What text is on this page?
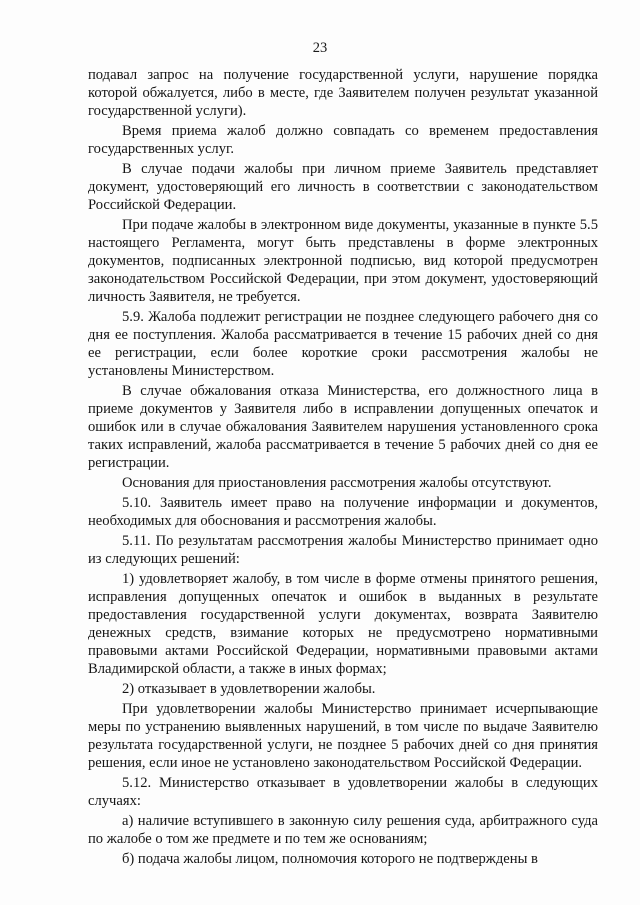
23

подавал запрос на получение государственной услуги, нарушение порядка которой обжалуется, либо в месте, где Заявителем получен результат указанной государственной услуги).

Время приема жалоб должно совпадать со временем предоставления государственных услуг.

В случае подачи жалобы при личном приеме Заявитель представляет документ, удостоверяющий его личность в соответствии с законодательством Российской Федерации.

При подаче жалобы в электронном виде документы, указанные в пункте 5.5 настоящего Регламента, могут быть представлены в форме электронных документов, подписанных электронной подписью, вид которой предусмотрен законодательством Российской Федерации, при этом документ, удостоверяющий личность Заявителя, не требуется.

5.9. Жалоба подлежит регистрации не позднее следующего рабочего дня со дня ее поступления. Жалоба рассматривается в течение 15 рабочих дней со дня ее регистрации, если более короткие сроки рассмотрения жалобы не установлены Министерством.

В случае обжалования отказа Министерства, его должностного лица в приеме документов у Заявителя либо в исправлении допущенных опечаток и ошибок или в случае обжалования Заявителем нарушения установленного срока таких исправлений, жалоба рассматривается в течение 5 рабочих дней со дня ее регистрации.

Основания для приостановления рассмотрения жалобы отсутствуют.

5.10. Заявитель имеет право на получение информации и документов, необходимых для обоснования и рассмотрения жалобы.

5.11. По результатам рассмотрения жалобы Министерство принимает одно из следующих решений:

1) удовлетворяет жалобу, в том числе в форме отмены принятого решения, исправления допущенных опечаток и ошибок в выданных в результате предоставления государственной услуги документах, возврата Заявителю денежных средств, взимание которых не предусмотрено нормативными правовыми актами Российской Федерации, нормативными правовыми актами Владимирской области, а также в иных формах;

2) отказывает в удовлетворении жалобы.

При удовлетворении жалобы Министерство принимает исчерпывающие меры по устранению выявленных нарушений, в том числе по выдаче Заявителю результата государственной услуги, не позднее 5 рабочих дней со дня принятия решения, если иное не установлено законодательством Российской Федерации.

5.12. Министерство отказывает в удовлетворении жалобы в следующих случаях:

а) наличие вступившего в законную силу решения суда, арбитражного суда по жалобе о том же предмете и по тем же основаниям;

б) подача жалобы лицом, полномочия которого не подтверждены в
